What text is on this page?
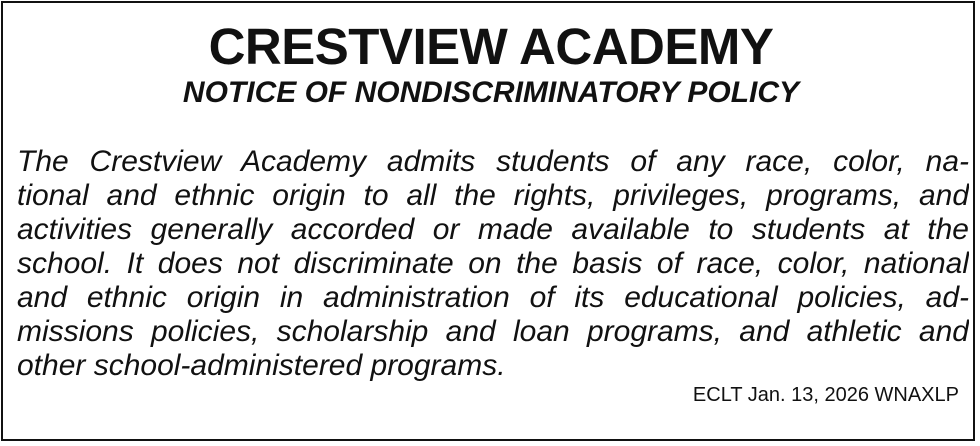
CRESTVIEW ACADEMY
NOTICE OF NONDISCRIMINATORY POLICY
The Crestview Academy admits students of any race, color, na-
tional and ethnic origin to all the rights, privileges, programs, and
activities generally accorded or made available to students at the
school. It does not discriminate on the basis of race, color, national
and ethnic origin in administration of its educational policies, ad-
missions policies, scholarship and loan programs, and athletic and
other school-administered programs.
ECLT Jan. 13, 2026 WNAXLP
